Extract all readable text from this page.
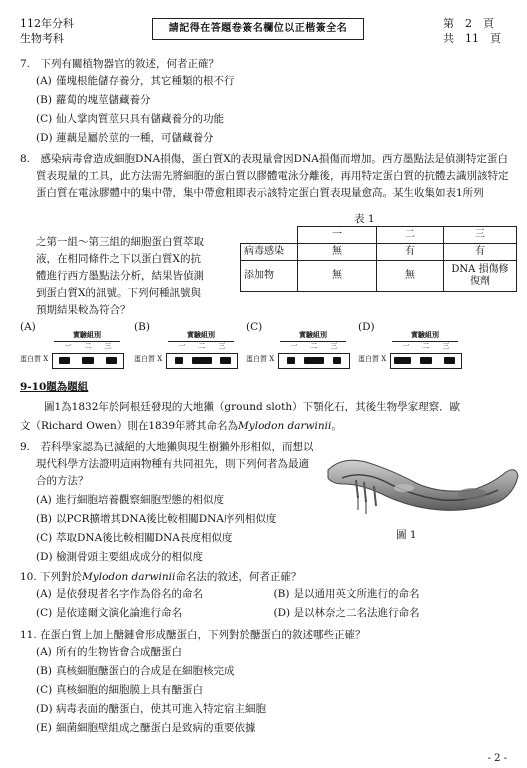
112年分科
生物考科
請記得在答題卷簽名欄位以正楷簽全名	第　2　頁
共　11　頁

7.　下列有關植物器官的敘述，何者正確？

(A) 僅塊根能儲存養分，其它種類的根不行
(B) 蘿蔔的塊莖儲藏養分
(C) 仙人掌肉質莖只具有儲藏養分的功能
(D) 蓮藕是屬於莖的一種，可儲藏養分

8.　感染病毒會造成細胞DNA損傷，蛋白質X的表現量會因DNA損傷而增加。西方墨點法是偵測特定蛋白質表現量的工具，此方法需先將細胞的蛋白質以膠體電泳分離後，再用特定蛋白質的抗體去識別該特定蛋白質在電泳膠體中的集中帶，集中帶愈粗即表示該特定蛋白質表現量愈高。某生收集如表1所列

之第一組～第三組的細胞蛋白質萃取液，在相同條件之下以蛋白質X的抗體進行西方墨點法分析，結果皆偵測到蛋白質X的訊號。下列何種訊號與預期結果較為符合？
表 1
	一	二	三
病毒感染	無	有	有
添加物	無	無	DNA 損傷修復劑
(A)
實驗組別
一 二 三
蛋白質 X
(B)
實驗組別
一 二 三
蛋白質 X
(C)
實驗組別
一 二 三
蛋白質 X
(D)
實驗組別
一 二 三
蛋白質 X
9-10題為題組
圖1為1832年於阿根廷發現的大地獺（ground sloth）下顎化石，其後生物學家理察．歐
文（Richard Owen）則在1839年將其命名為Mylodon darwinii。

9.　若科學家認為已滅絕的大地獺與現生樹獺外形相似，而想以現代科學方法證明這兩物種有共同祖先，則下列何者為最適合的方法？

(A) 進行細胞培養觀察細胞型態的相似度
(B) 以PCR擴增其DNA後比較相關DNA序列相似度
(C) 萃取DNA後比較相關DNA長度相似度
(D) 檢測骨頭主要組成成分的相似度
圖 1

10. 下列對於Mylodon darwinii命名法的敘述，何者正確？

(A) 是依發現者名字作為俗名的命名	(B) 是以通用英文所進行的命名
(C) 是依達爾文演化論進行命名	(D) 是以林奈之二名法進行命名

11. 在蛋白質上加上醣鏈會形成醣蛋白，下列對於醣蛋白的敘述哪些正確？

(A) 所有的生物皆會合成醣蛋白
(B) 真核細胞醣蛋白的合成是在細胞核完成
(C) 真核細胞的細胞膜上具有醣蛋白
(D) 病毒表面的醣蛋白，使其可進入特定宿主細胞
(E) 細菌細胞壁組成之醣蛋白是致病的重要依據
- 2 -
